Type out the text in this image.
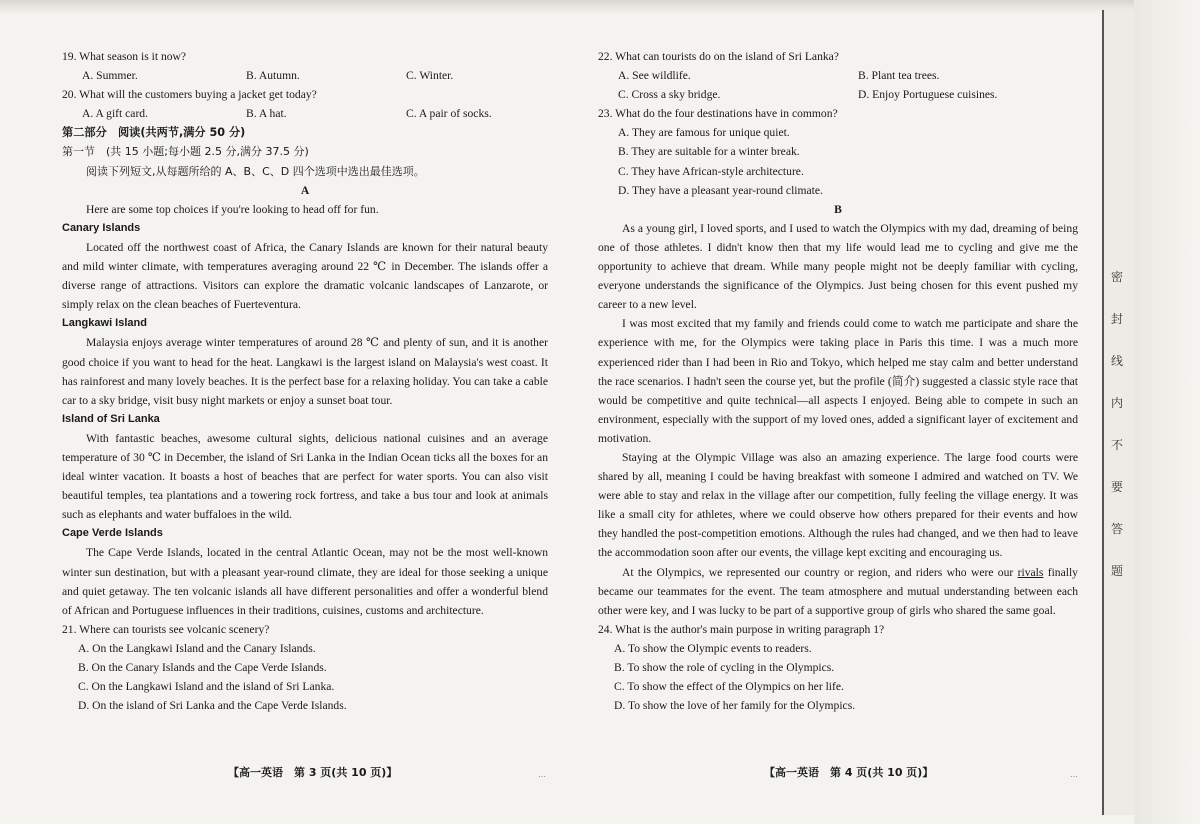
19. What season is it now?
A. Summer.	B. Autumn.	C. Winter.
20. What will the customers buying a jacket get today?
A. A gift card.	B. A hat.	C. A pair of socks.
第二部分　阅读(共两节,满分 50 分)
第一节　(共 15 小题;每小题 2.5 分,满分 37.5 分)
阅读下列短文,从每题所给的 A、B、C、D 四个选项中选出最佳选项。
A

Here are some top choices if you're looking to head off for fun.

Canary Islands

Located off the northwest coast of Africa, the Canary Islands are known for their natural beauty and mild winter climate, with temperatures averaging around 22 ℃ in December. The islands offer a diverse range of attractions. Visitors can explore the dramatic volcanic landscapes of Lanzarote, or simply relax on the clean beaches of Fuerteventura.

Langkawi Island

Malaysia enjoys average winter temperatures of around 28 ℃ and plenty of sun, and it is another good choice if you want to head for the heat. Langkawi is the largest island on Malaysia's west coast. It has rainforest and many lovely beaches. It is the perfect base for a relaxing holiday. You can take a cable car to a sky bridge, visit busy night markets or enjoy a sunset boat tour.

Island of Sri Lanka

With fantastic beaches, awesome cultural sights, delicious national cuisines and an average temperature of 30 ℃ in December, the island of Sri Lanka in the Indian Ocean ticks all the boxes for an ideal winter vacation. It boasts a host of beaches that are perfect for water sports. You can also visit beautiful temples, tea plantations and a towering rock fortress, and take a bus tour and look at animals such as elephants and water buffaloes in the wild.

Cape Verde Islands

The Cape Verde Islands, located in the central Atlantic Ocean, may not be the most well-known winter sun destination, but with a pleasant year-round climate, they are ideal for those seeking a unique and quiet getaway. The ten volcanic islands all have different personalities and offer a wonderful blend of African and Portuguese influences in their traditions, cuisines, customs and architecture.

21. Where can tourists see volcanic scenery?
A. On the Langkawi Island and the Canary Islands.
B. On the Canary Islands and the Cape Verde Islands.
C. On the Langkawi Island and the island of Sri Lanka.
D. On the island of Sri Lanka and the Cape Verde Islands.
【高一英语　第 3 页(共 10 页)】	…
22. What can tourists do on the island of Sri Lanka?
A. See wildlife.	B. Plant tea trees.
C. Cross a sky bridge.	D. Enjoy Portuguese cuisines.
23. What do the four destinations have in common?
A. They are famous for unique quiet.
B. They are suitable for a winter break.
C. They have African-style architecture.
D. They have a pleasant year-round climate.
B

As a young girl, I loved sports, and I used to watch the Olympics with my dad, dreaming of being one of those athletes. I didn't know then that my life would lead me to cycling and give me the opportunity to achieve that dream. While many people might not be deeply familiar with cycling, everyone understands the significance of the Olympics. Just being chosen for this event pushed my career to a new level.

I was most excited that my family and friends could come to watch me participate and share the experience with me, for the Olympics were taking place in Paris this time. I was a much more experienced rider than I had been in Rio and Tokyo, which helped me stay calm and better understand the race scenarios. I hadn't seen the course yet, but the profile (简介) suggested a classic style race that would be competitive and quite technical—all aspects I enjoyed. Being able to compete in such an environment, especially with the support of my loved ones, added a significant layer of excitement and motivation.

Staying at the Olympic Village was also an amazing experience. The large food courts were shared by all, meaning I could be having breakfast with someone I admired and watched on TV. We were able to stay and relax in the village after our competition, fully feeling the village energy. It was like a small city for athletes, where we could observe how others prepared for their events and how they handled the post-competition emotions. Although the rules had changed, and we then had to leave the accommodation soon after our events, the village kept exciting and encouraging us.

At the Olympics, we represented our country or region, and riders who were our rivals finally became our teammates for the event. The team atmosphere and mutual understanding between each other were key, and I was lucky to be part of a supportive group of girls who shared the same goal.

24. What is the author's main purpose in writing paragraph 1?
A. To show the Olympic events to readers.
B. To show the role of cycling in the Olympics.
C. To show the effect of the Olympics on her life.
D. To show the love of her family for the Olympics.
【高一英语　第 4 页(共 10 页)】	…
密
封
线
内
不
要
答
题
